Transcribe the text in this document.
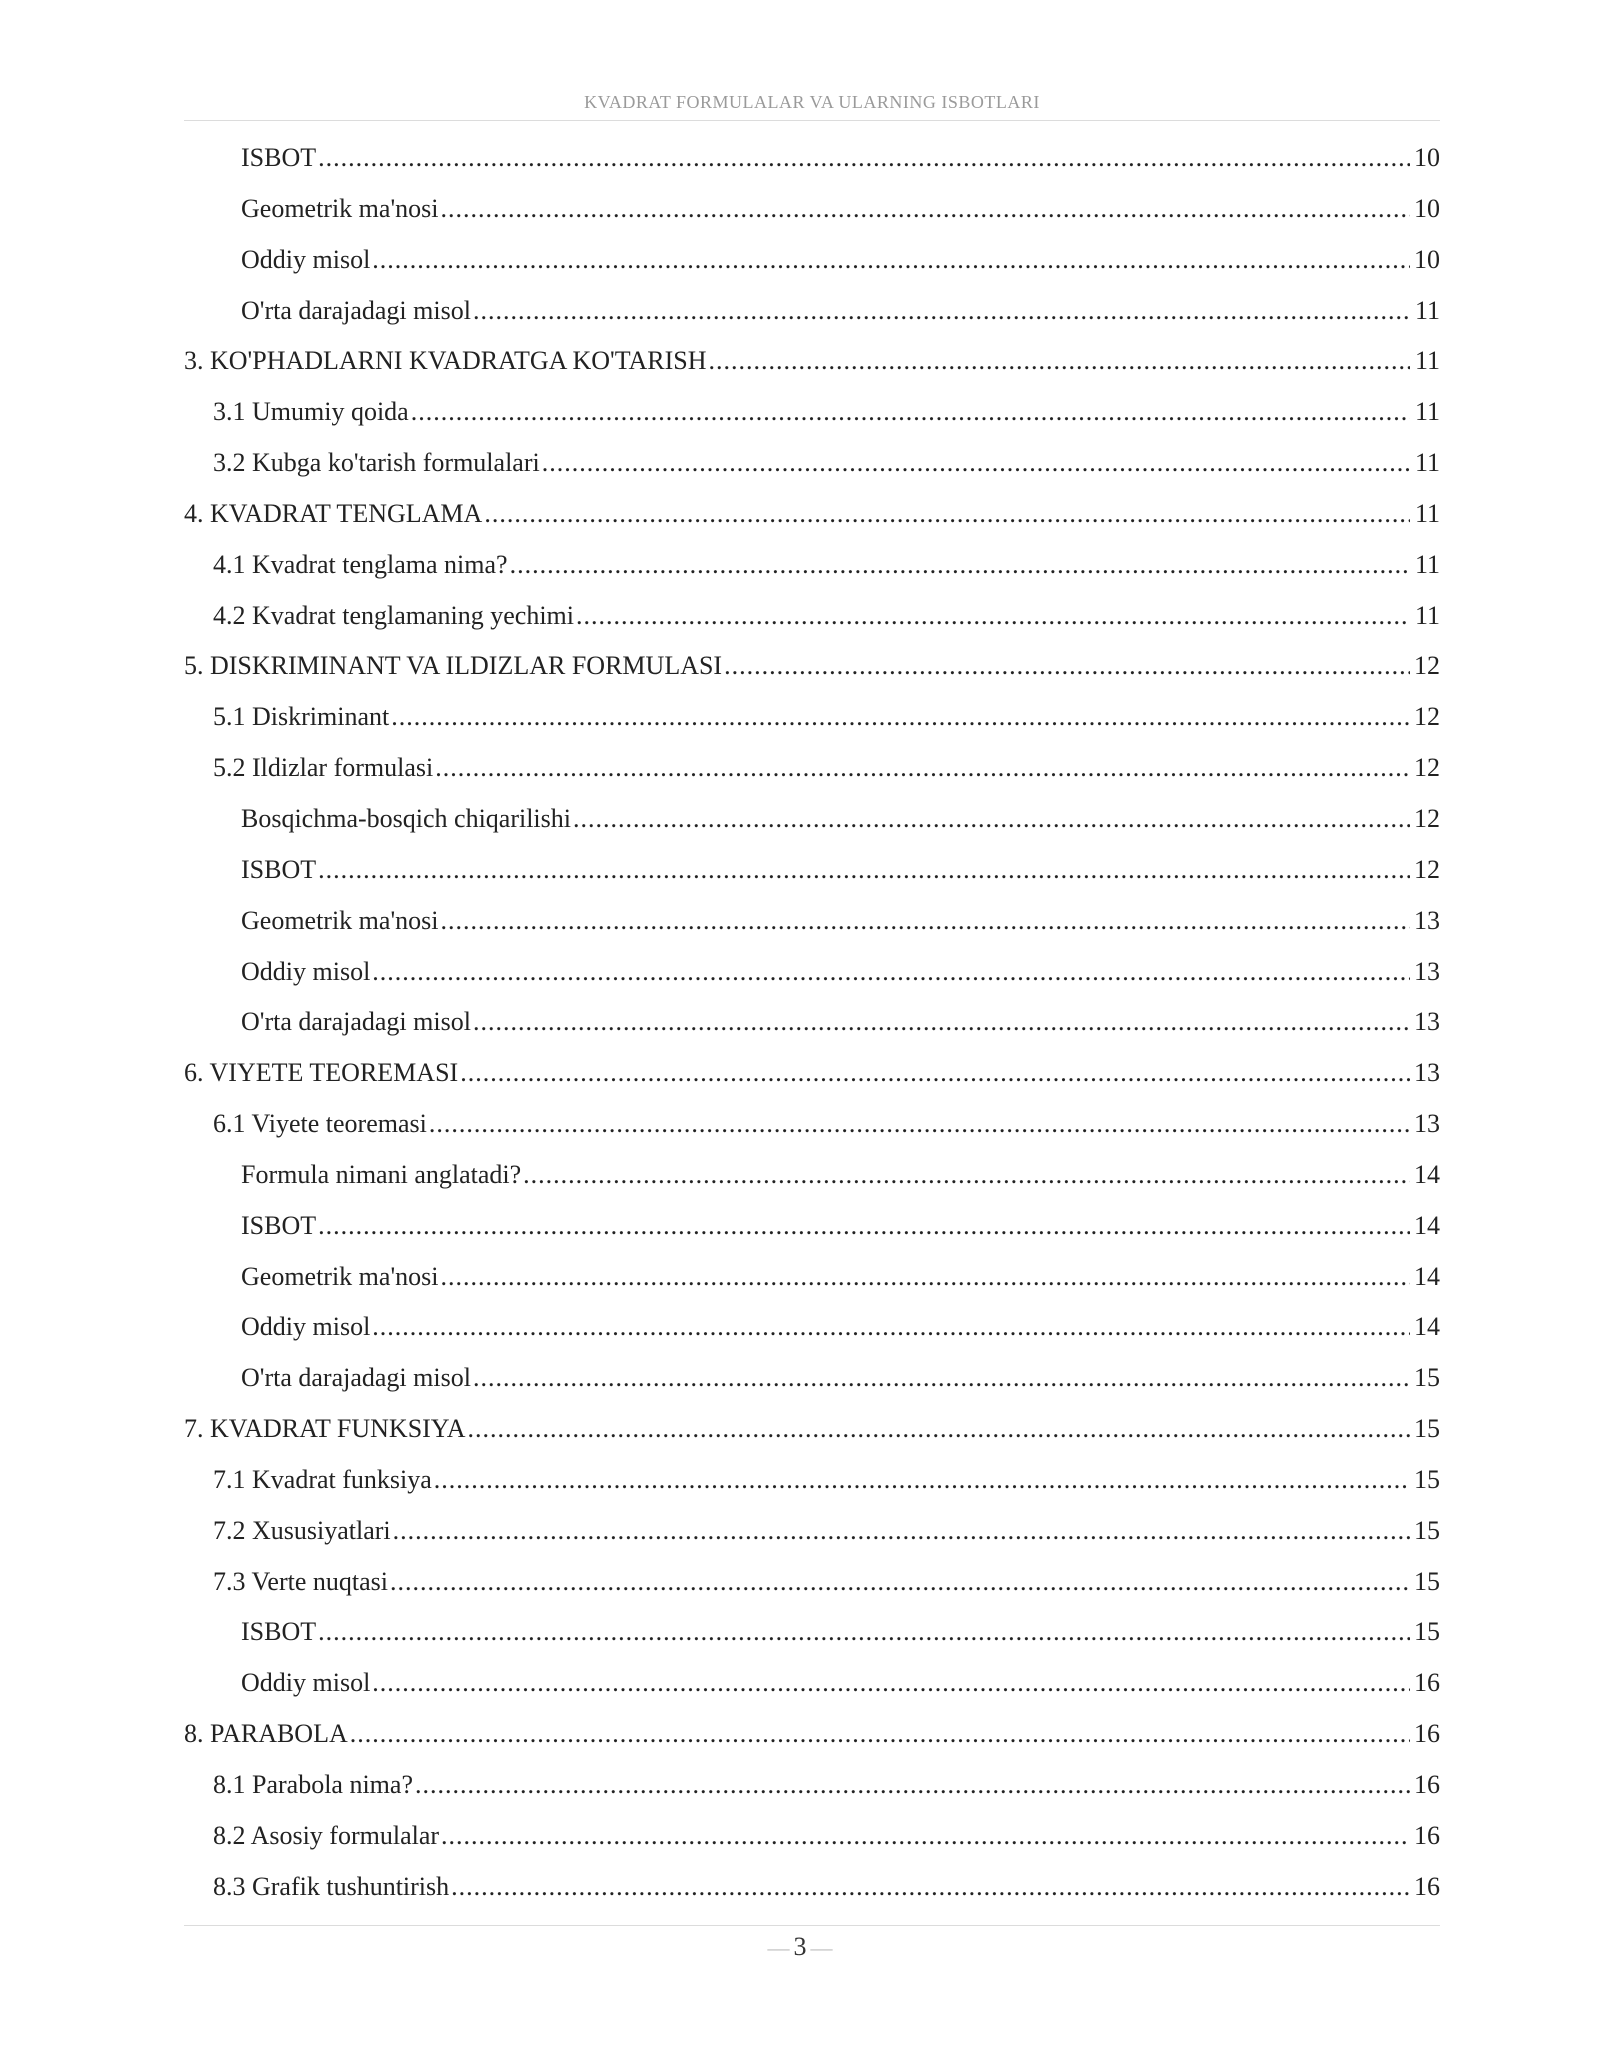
KVADRAT FORMULALAR VA ULARNING ISBOTLARI
ISBOT .....	10
Geometrik ma'nosi .....	10
Oddiy misol .....	10
O'rta darajadagi misol .....	11
3. KO'PHADLARNI KVADRATGA KO'TARISH .....	11
3.1 Umumiy qoida .....	11
3.2 Kubga ko'tarish formulalari .....	11
4. KVADRAT TENGLAMA .....	11
4.1 Kvadrat tenglama nima? .....	11
4.2 Kvadrat tenglamaning yechimi .....	11
5. DISKRIMINANT VA ILDIZLAR FORMULASI .....	12
5.1 Diskriminant .....	12
5.2 Ildizlar formulasi .....	12
Bosqichma-bosqich chiqarilishi .....	12
ISBOT .....	12
Geometrik ma'nosi .....	13
Oddiy misol .....	13
O'rta darajadagi misol .....	13
6. VIYETE TEOREMASI .....	13
6.1 Viyete teoremasi .....	13
Formula nimani anglatadi? .....	14
ISBOT .....	14
Geometrik ma'nosi .....	14
Oddiy misol .....	14
O'rta darajadagi misol .....	15
7. KVADRAT FUNKSIYA .....	15
7.1 Kvadrat funksiya .....	15
7.2 Xususiyatlari .....	15
7.3 Verte nuqtasi .....	15
ISBOT .....	15
Oddiy misol .....	16
8. PARABOLA .....	16
8.1 Parabola nima? .....	16
8.2 Asosiy formulalar .....	16
8.3 Grafik tushuntirish .....	16
— 3 —
